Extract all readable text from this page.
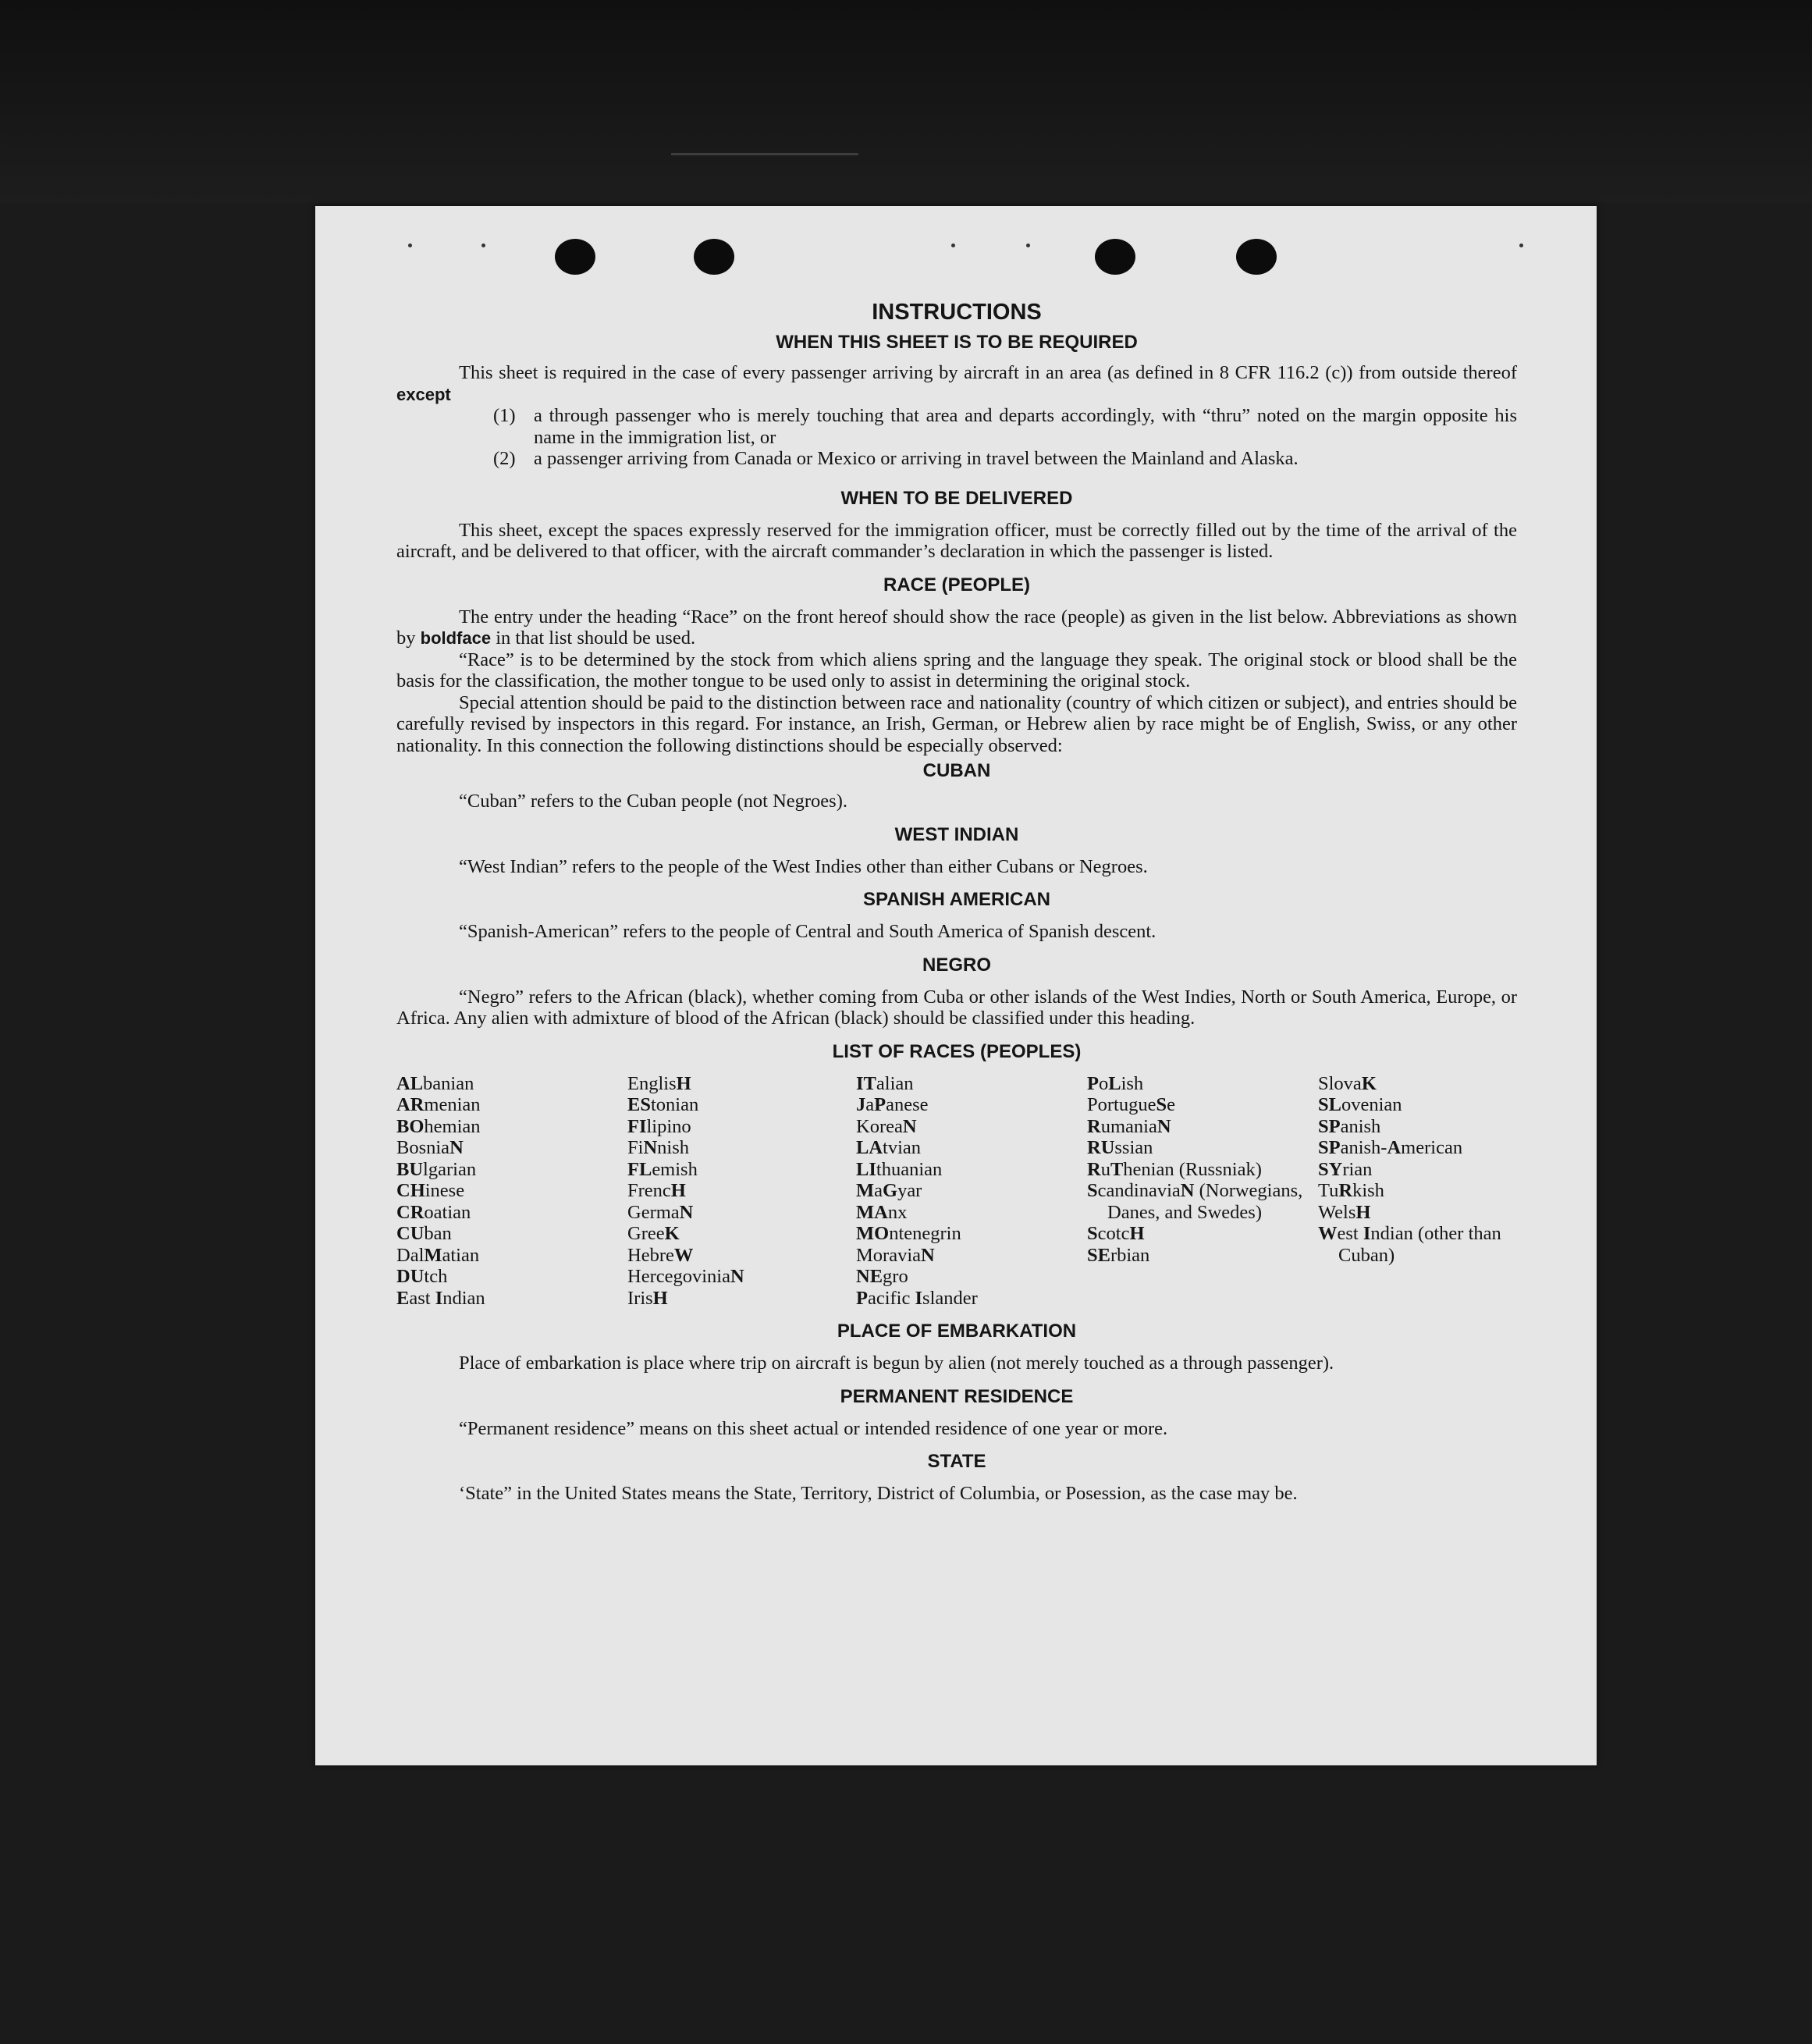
INSTRUCTIONS
WHEN THIS SHEET IS TO BE REQUIRED

This sheet is required in the case of every passenger arriving by aircraft in an area (as defined in 8 CFR 116.2 (c)) from outside thereof except

(1) a through passenger who is merely touching that area and departs accordingly, with “thru” noted on the margin opposite his name in the immigration list, or
(2) a passenger arriving from Canada or Mexico or arriving in travel between the Mainland and Alaska.
WHEN TO BE DELIVERED

This sheet, except the spaces expressly reserved for the immigration officer, must be correctly filled out by the time of the arrival of the aircraft, and be delivered to that officer, with the aircraft commander’s declaration in which the passenger is listed.

RACE (PEOPLE)

The entry under the heading “Race” on the front hereof should show the race (people) as given in the list below. Abbreviations as shown by boldface in that list should be used.

“Race” is to be determined by the stock from which aliens spring and the language they speak. The original stock or blood shall be the basis for the classification, the mother tongue to be used only to assist in determining the original stock.

Special attention should be paid to the distinction between race and nationality (country of which citizen or subject), and entries should be carefully revised by inspectors in this regard. For instance, an Irish, German, or Hebrew alien by race might be of English, Swiss, or any other nationality. In this connection the following distinctions should be especially observed:

CUBAN

“Cuban” refers to the Cuban people (not Negroes).

WEST INDIAN

“West Indian” refers to the people of the West Indies other than either Cubans or Negroes.

SPANISH AMERICAN

“Spanish-American” refers to the people of Central and South America of Spanish descent.

NEGRO

“Negro” refers to the African (black), whether coming from Cuba or other islands of the West Indies, North or South America, Europe, or Africa. Any alien with admixture of blood of the African (black) should be classified under this heading.

LIST OF RACES (PEOPLES)
ALbanian
ARmenian
BOhemian
BosniaN
BUlgarian
CHinese
CRoatian
CUban
DalMatian
DUtch
East Indian
EnglisH
EStonian
FIlipino
FiNnish
FLemish
FrencH
GermaN
GreeK
HebreW
HercegoviniaN
IrisH
ITalian
JaPanese
KoreaN
LAtvian
LIthuanian
MaGyar
MAnx
MOntenegrin
MoraviaN
NEgro
Pacific Islander
PoLish
PortugueSe
RumaniaN
RUssian
RuThenian (Russniak)
ScandinaviaN (Norwegians, Danes, and Swedes)
ScotcH
SErbian
SlovaK
SLovenian
SPanish
SPanish-American
SYrian
TuRkish
WelsH
West Indian (other than Cuban)
PLACE OF EMBARKATION

Place of embarkation is place where trip on aircraft is begun by alien (not merely touched as a through passenger).

PERMANENT RESIDENCE

“Permanent residence” means on this sheet actual or intended residence of one year or more.

STATE

‘State” in the United States means the State, Territory, District of Columbia, or Posession, as the case may be.
